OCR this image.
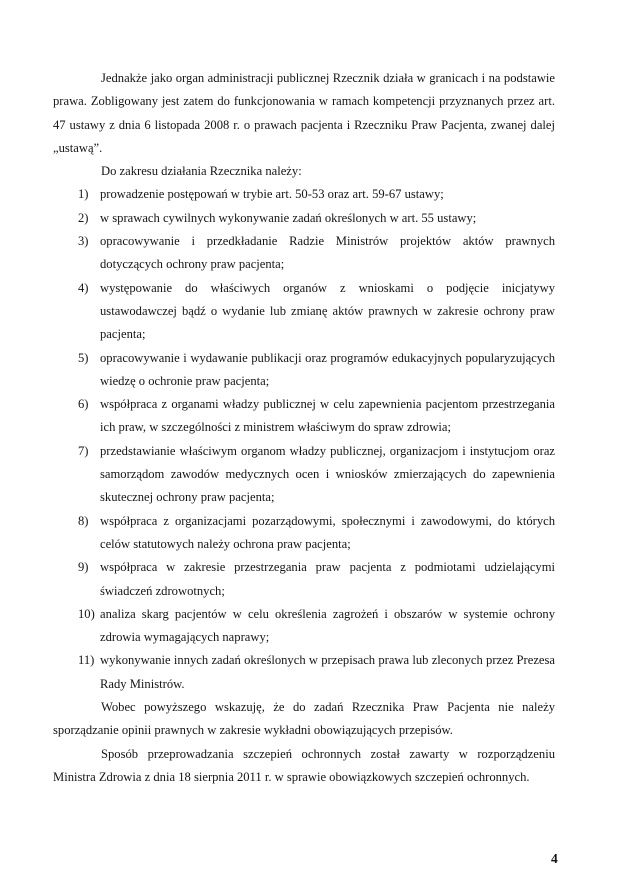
Jednakże jako organ administracji publicznej Rzecznik działa w granicach i na podstawie prawa. Zobligowany jest zatem do funkcjonowania w ramach kompetencji przyznanych przez art. 47 ustawy z dnia 6 listopada 2008 r. o prawach pacjenta i Rzeczniku Praw Pacjenta, zwanej dalej „ustawą”.

Do zakresu działania Rzecznika należy:

1) prowadzenie postępowań w trybie art. 50-53 oraz art. 59-67 ustawy;
2) w sprawach cywilnych wykonywanie zadań określonych w art. 55 ustawy;
3) opracowywanie i przedkładanie Radzie Ministrów projektów aktów prawnych dotyczących ochrony praw pacjenta;
4) występowanie do właściwych organów z wnioskami o podjęcie inicjatywy ustawodawczej bądź o wydanie lub zmianę aktów prawnych w zakresie ochrony praw pacjenta;
5) opracowywanie i wydawanie publikacji oraz programów edukacyjnych popularyzujących wiedzę o ochronie praw pacjenta;
6) współpraca z organami władzy publicznej w celu zapewnienia pacjentom przestrzegania ich praw, w szczególności z ministrem właściwym do spraw zdrowia;
7) przedstawianie właściwym organom władzy publicznej, organizacjom i instytucjom oraz samorządom zawodów medycznych ocen i wniosków zmierzających do zapewnienia skutecznej ochrony praw pacjenta;
8) współpraca z organizacjami pozarządowymi, społecznymi i zawodowymi, do których celów statutowych należy ochrona praw pacjenta;
9) współpraca w zakresie przestrzegania praw pacjenta z podmiotami udzielającymi świadczeń zdrowotnych;
10) analiza skarg pacjentów w celu określenia zagrożeń i obszarów w systemie ochrony zdrowia wymagających naprawy;
11) wykonywanie innych zadań określonych w przepisach prawa lub zleconych przez Prezesa Rady Ministrów.

Wobec powyższego wskazuję, że do zadań Rzecznika Praw Pacjenta nie należy sporządzanie opinii prawnych w zakresie wykładni obowiązujących przepisów.

Sposób przeprowadzania szczepień ochronnych został zawarty w rozporządzeniu Ministra Zdrowia z dnia 18 sierpnia 2011 r. w sprawie obowiązkowych szczepień ochronnych.

4
